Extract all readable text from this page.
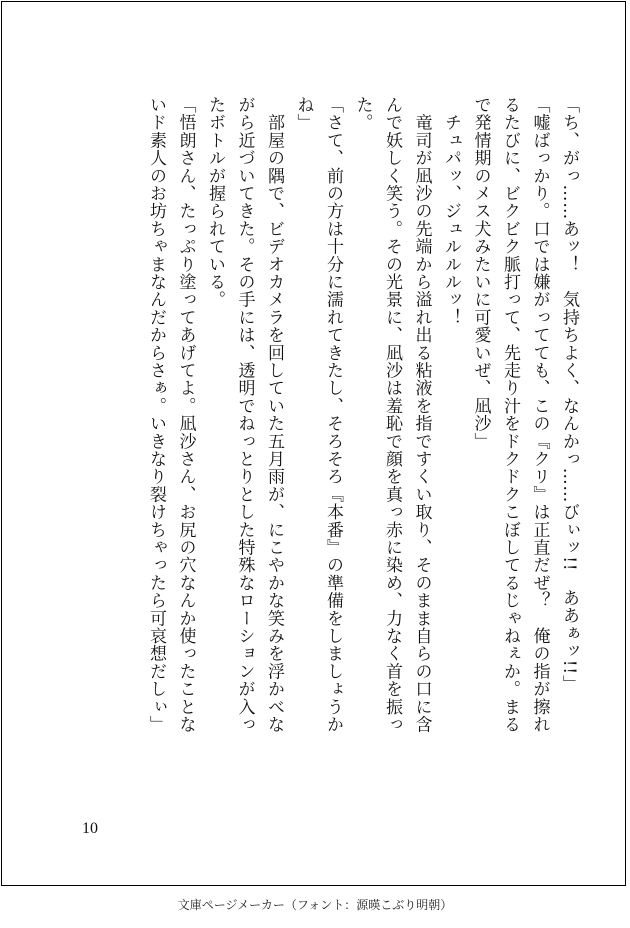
「ち、がっ……あッ！　気持ちよく、なんかっ……びぃッ!!　ああぁッ!!」

「嘘ばっかり。口では嫌がってても、この『クリ』は正直だぜ？　俺の指が擦れ

るたびに、ビクビク脈打って、先走り汁をドクドクこぼしてるじゃねぇか。まる

で発情期のメス犬みたいに可愛いぜ、凪沙」

　チュパッ、ジュルルルッ！

　竜司が凪沙の先端から溢れ出る粘液を指ですくい取り、そのまま自らの口に含

んで妖しく笑う。その光景に、凪沙は羞恥で顔を真っ赤に染め、力なく首を振っ

た。

「さて、前の方は十分に濡れてきたし、そろそろ『本番』の準備をしましょうか

ね」

　部屋の隅で、ビデオカメラを回していた五月雨が、にこやかな笑みを浮かべな

がら近づいてきた。その手には、透明でねっとりとした特殊なローションが入っ

たボトルが握られている。

「悟朗さん、たっぷり塗ってあげてよ。凪沙さん、お尻の穴なんか使ったことな

いド素人のお坊ちゃまなんだからさぁ。いきなり裂けちゃったら可哀想だしぃ」

10
文庫ページメーカー（フォント：源暎こぶり明朝）
